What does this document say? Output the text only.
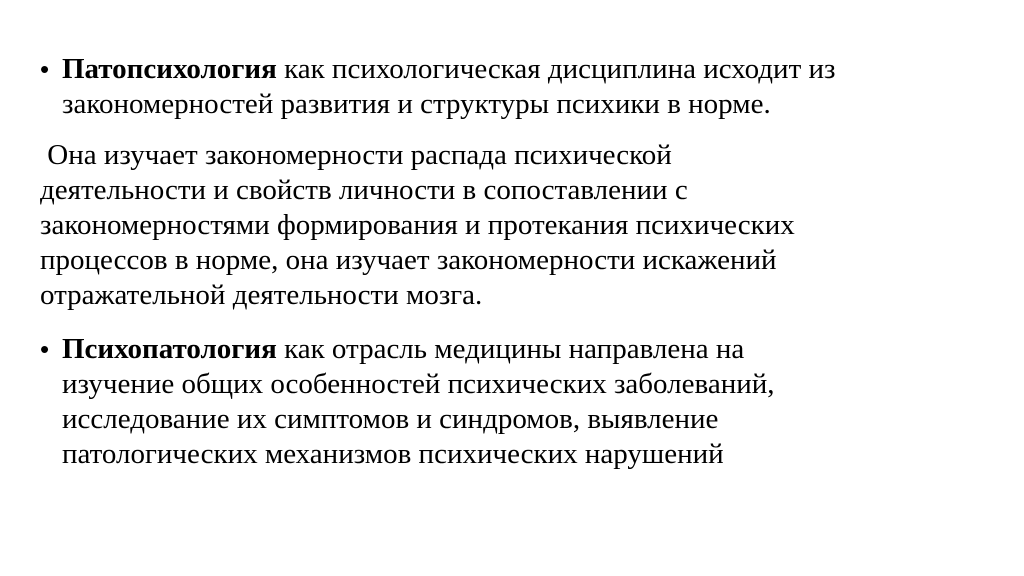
• Патопсихология как психологическая дисциплина исходит из
закономерностей развития и структуры психики в норме.
Она изучает закономерности распада психической
деятельности и свойств личности в сопоставлении с
закономерностями формирования и протекания психических
процессов в норме, она изучает закономерности искажений
отражательной деятельности мозга.
• Психопатология как отрасль медицины направлена на
изучение общих особенностей психических заболеваний,
исследование их симптомов и синдромов, выявление
патологических механизмов психических нарушений
